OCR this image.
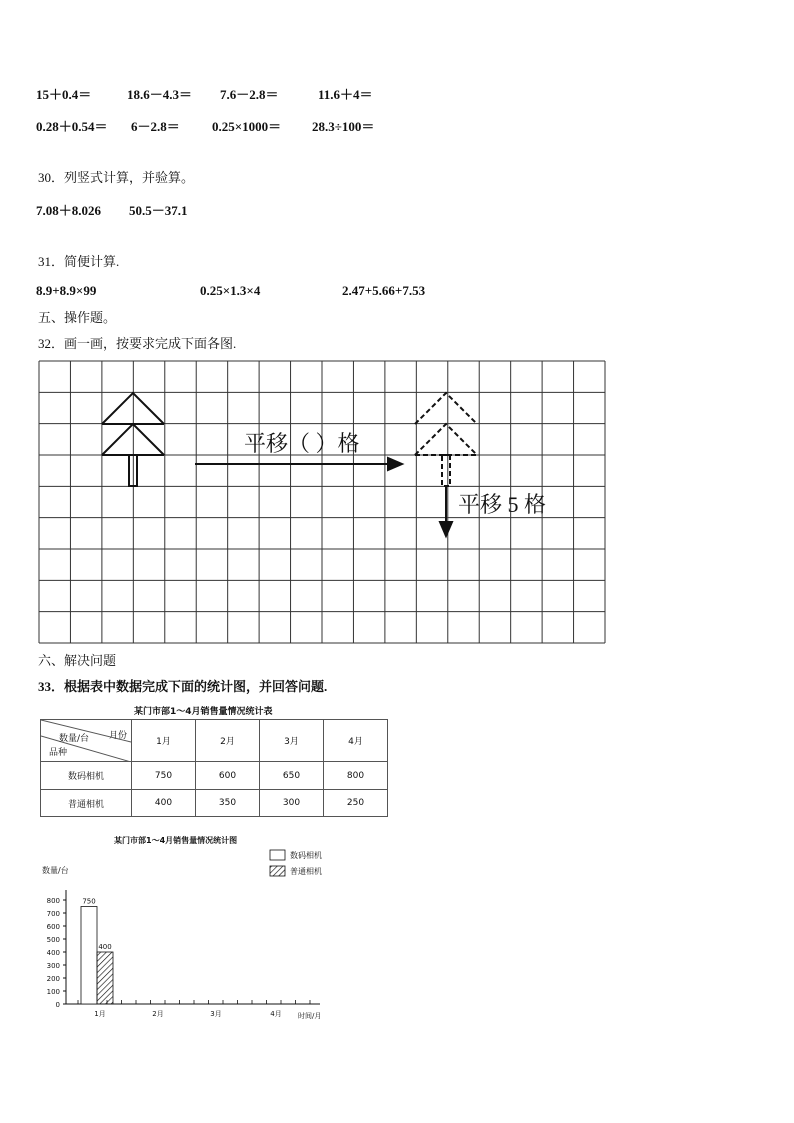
15＋0.4＝	18.6－4.3＝ 7.6－2.8＝	11.6＋4＝
0.28＋0.54＝ 6－2.8＝ 0.25×1000＝ 28.3÷100＝
30．列竖式计算，并验算。
7.08＋8.026 50.5－37.1
31．简便计算.
8.9+8.9×99	0.25×1.3×4	2.47+5.66+7.53
五、操作题。
32．画一画，按要求完成下面各图.
平移（ ）格
平移 5 格
六、解决问题
33．根据表中数据完成下面的统计图，并回答问题.
某门市部1～4月销售量情况统计表
月份
数量/台
品种	1月	2月	3月	4月
数码相机	750	600	650	800
普通相机	400	350	300	250
某门市部1～4月销售量情况统计图
数量/台
时间/月
数码相机
普通相机
0
100
200
300
400
500
600
700
800
1月	2月	3月	4月
750
400
